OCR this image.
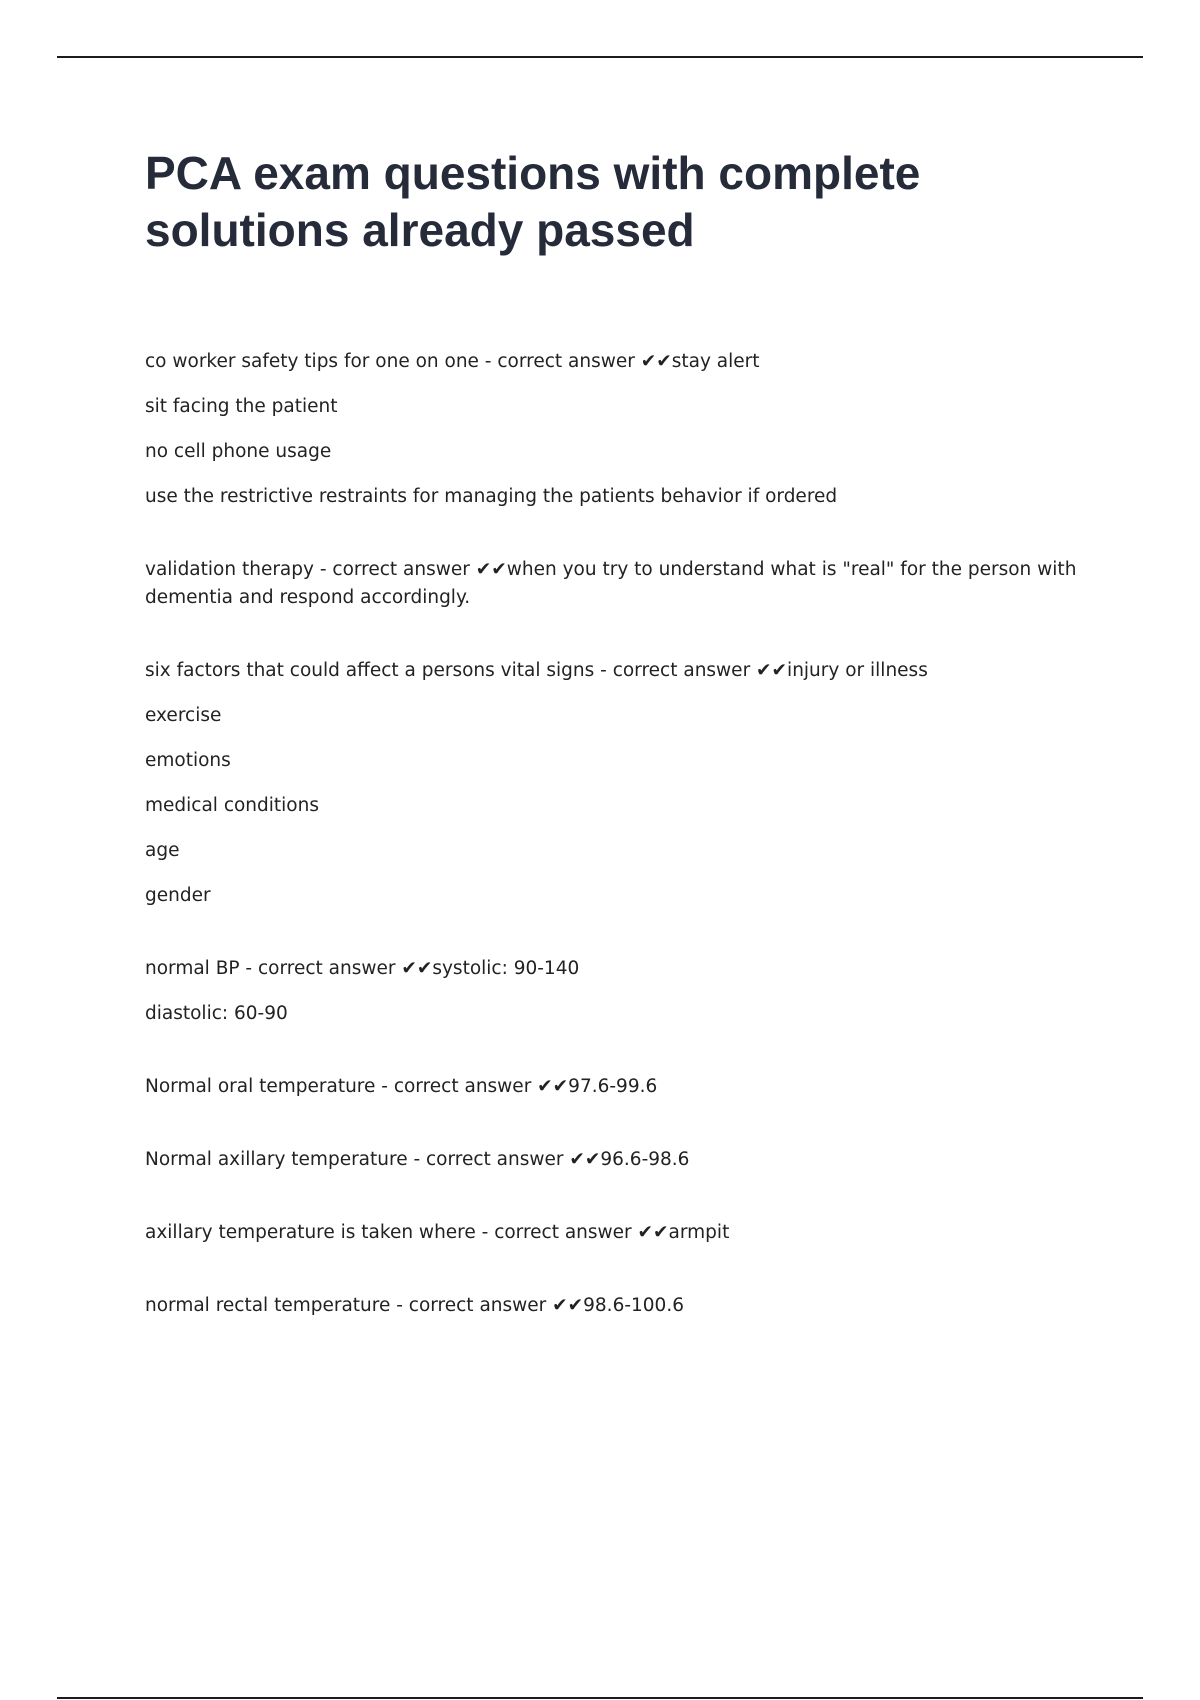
PCA exam questions with complete
solutions already passed

co worker safety tips for one on one - correct answer ✔✔stay alert

sit facing the patient

no cell phone usage

use the restrictive restraints for managing the patients behavior if ordered

validation therapy - correct answer ✔✔when you try to understand what is "real" for the person with dementia and respond accordingly.

six factors that could affect a persons vital signs - correct answer ✔✔injury or illness

exercise

emotions

medical conditions

age

gender

normal BP - correct answer ✔✔systolic: 90-140

diastolic: 60-90

Normal oral temperature - correct answer ✔✔97.6-99.6

Normal axillary temperature - correct answer ✔✔96.6-98.6

axillary temperature is taken where - correct answer ✔✔armpit

normal rectal temperature - correct answer ✔✔98.6-100.6
